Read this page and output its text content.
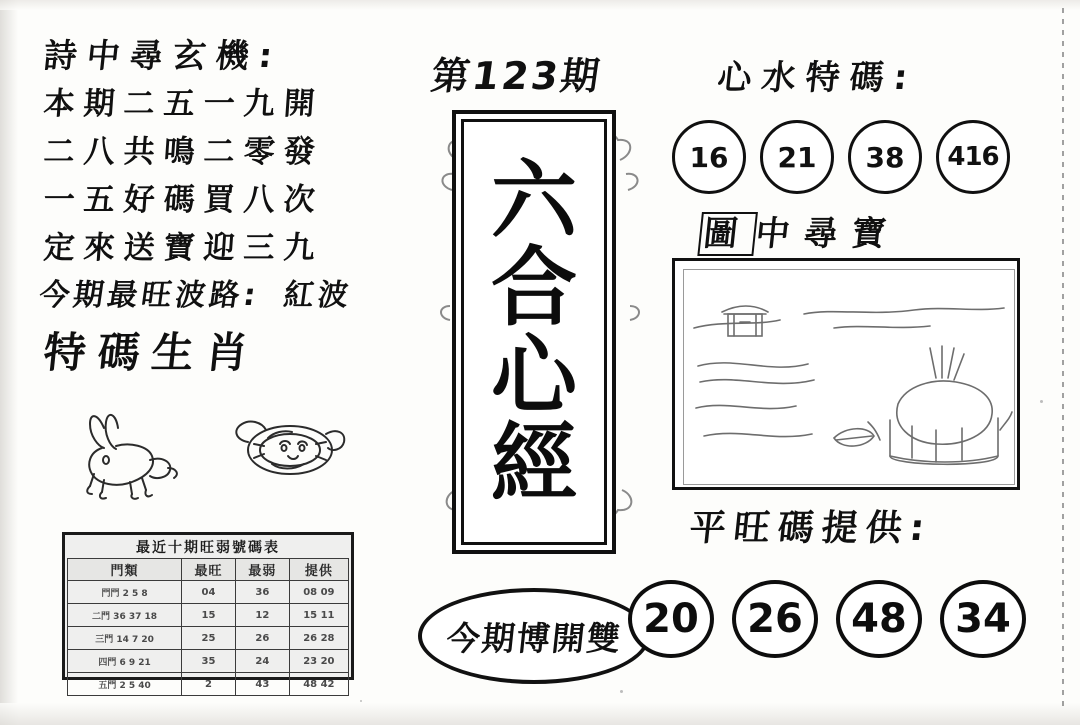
詩中尋玄機:
本期二五一九開
二八共鳴二零發
一五好碼買八次
定來送寶迎三九
今期最旺波路: 紅波
特碼生肖
最近十期旺弱號碼表
門類	最旺	最弱	提供
門門 2 5 8	04	36	08 09
二門 36 37 18	15	12	15 11
三門 14 7 20	25	26	26 28
四門 6 9 21	35	24	23 20
五門 2 5 40	2	43	48 42
第123期
六
合
心
經
今期博開雙
心水特碼:
16	21	38	416
圖中尋寶
平旺碼提供:
20	26	48	34
